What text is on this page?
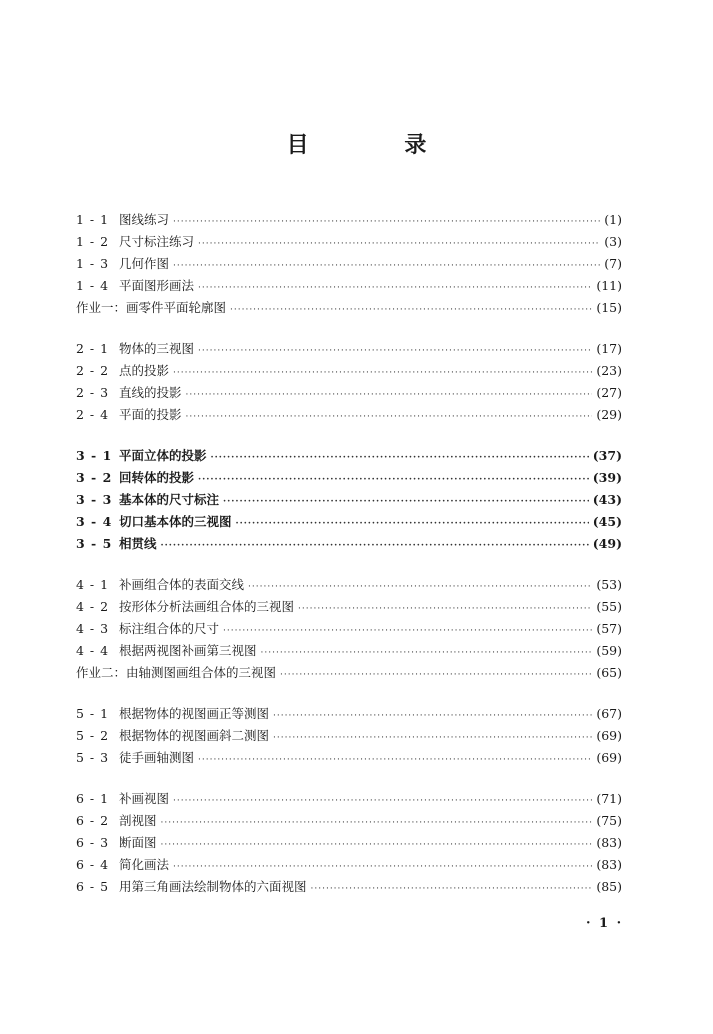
目 录
1 - 1 图线练习 ·····	(1)
1 - 2 尺寸标注练习 ·····	(3)
1 - 3 几何作图 ·····	(7)
1 - 4 平面图形画法 ·····	(11)
作业一：画零件平面轮廓图 ·····	(15)
2 - 1 物体的三视图 ·····	(17)
2 - 2 点的投影 ·····	(23)
2 - 3 直线的投影 ·····	(27)
2 - 4 平面的投影 ·····	(29)
3 - 1 平面立体的投影 ·····	(37)
3 - 2 回转体的投影 ·····	(39)
3 - 3 基本体的尺寸标注 ·····	(43)
3 - 4 切口基本体的三视图 ·····	(45)
3 - 5 相贯线 ·····	(49)
4 - 1 补画组合体的表面交线 ·····	(53)
4 - 2 按形体分析法画组合体的三视图 ·····	(55)
4 - 3 标注组合体的尺寸 ·····	(57)
4 - 4 根据两视图补画第三视图 ·····	(59)
作业二：由轴测图画组合体的三视图 ·····	(65)
5 - 1 根据物体的视图画正等测图 ·····	(67)
5 - 2 根据物体的视图画斜二测图 ·····	(69)
5 - 3 徒手画轴测图 ·····	(69)
6 - 1 补画视图 ·····	(71)
6 - 2 剖视图 ·····	(75)
6 - 3 断面图 ·····	(83)
6 - 4 简化画法 ·····	(83)
6 - 5 用第三角画法绘制物体的六面视图 ·····	(85)
· 1 ·
